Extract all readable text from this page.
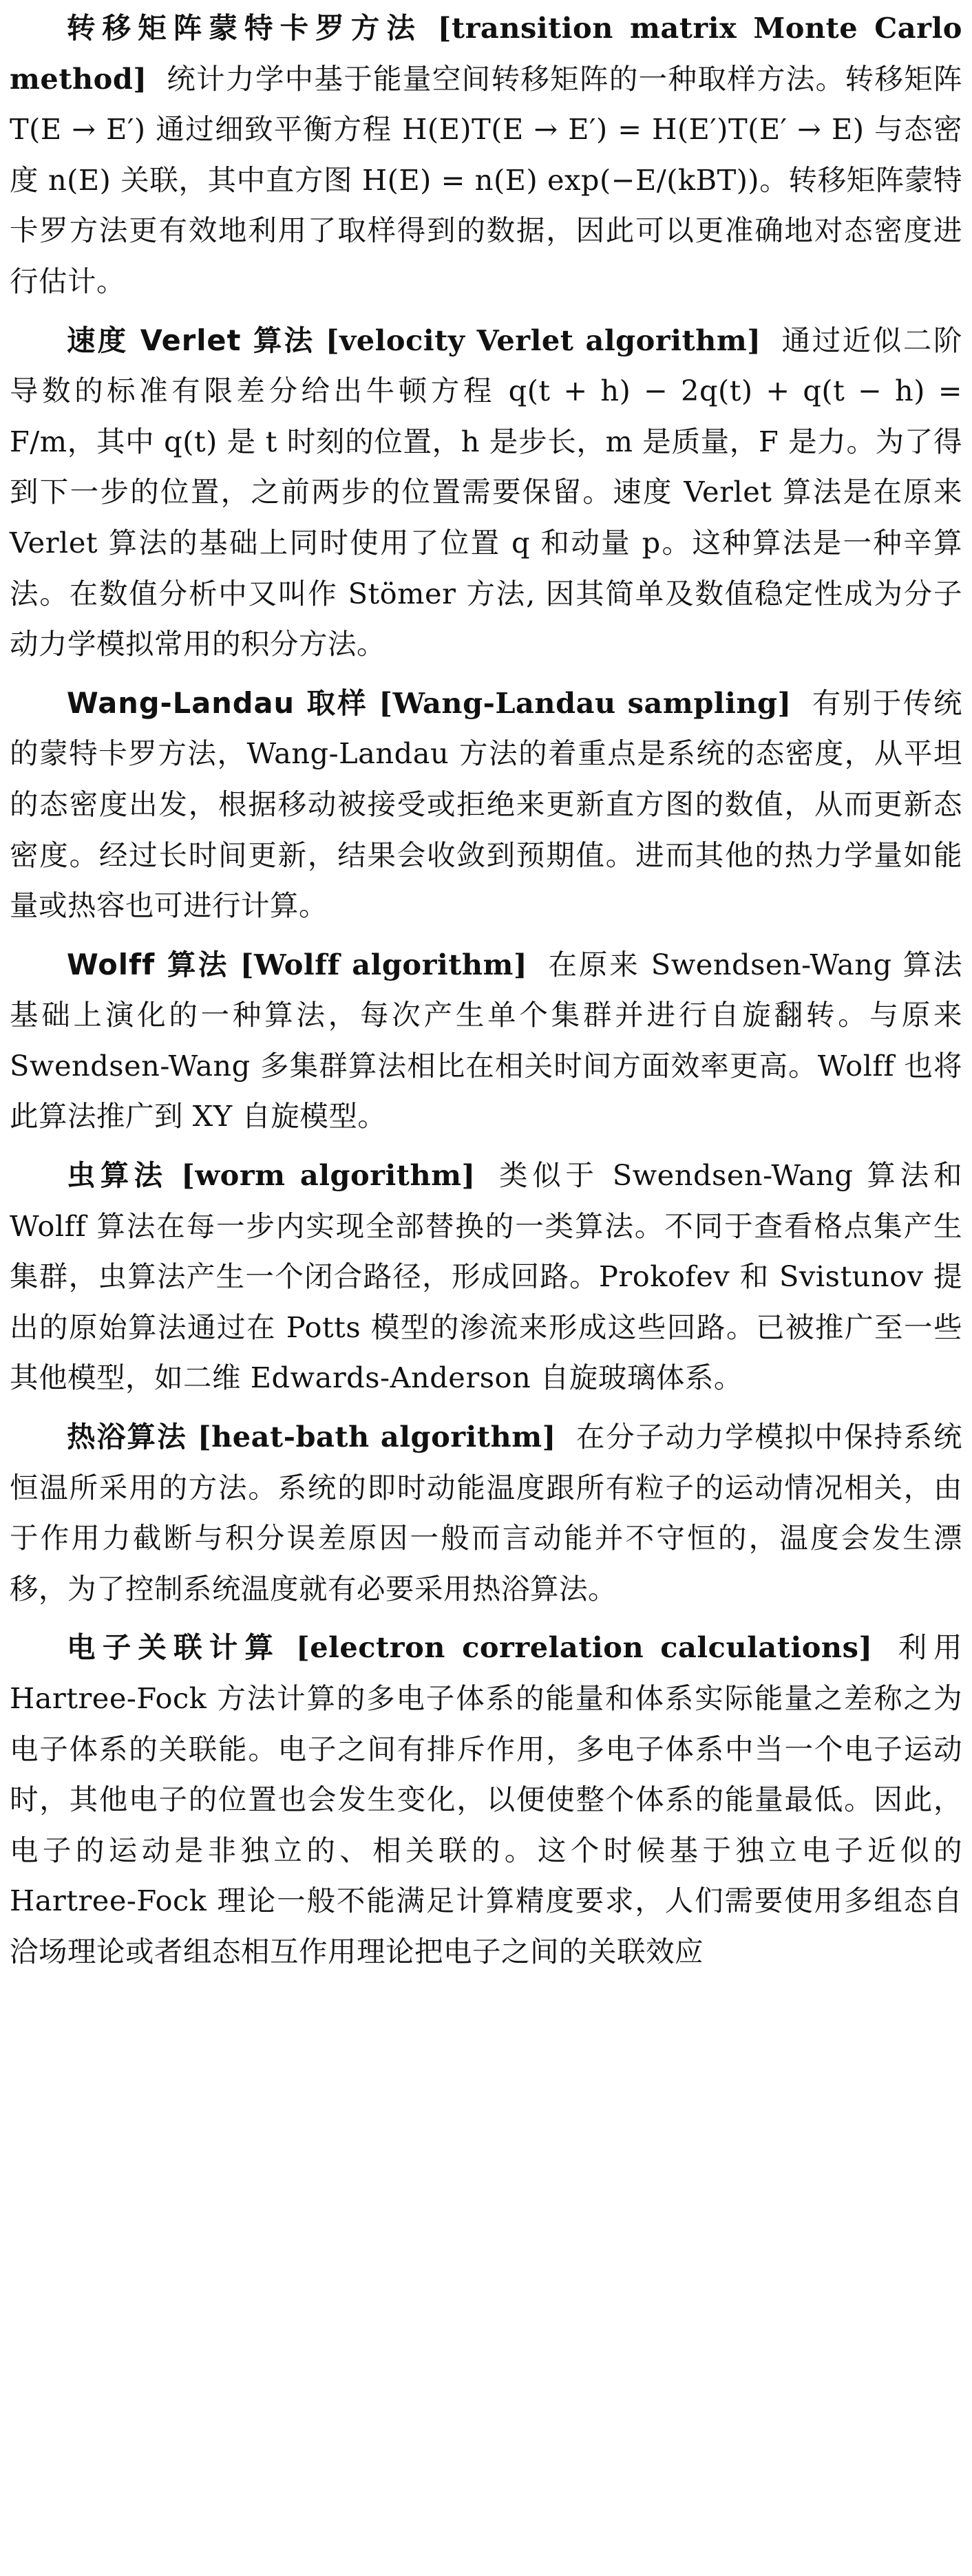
转移矩阵蒙特卡罗方法 [transition matrix Monte Carlo method] 统计力学中基于能量空间转移矩阵的一种取样方法。转移矩阵 T(E → E′) 通过细致平衡方程 H(E)T(E → E′) = H(E′)T(E′ → E) 与态密度 n(E) 关联，其中直方图 H(E) = n(E) exp(−E/(kBT))。转移矩阵蒙特卡罗方法更有效地利用了取样得到的数据，因此可以更准确地对态密度进行估计。

速度 Verlet 算法 [velocity Verlet algorithm] 通过近似二阶导数的标准有限差分给出牛顿方程 q(t + h) − 2q(t) + q(t − h) = F/m，其中 q(t) 是 t 时刻的位置，h 是步长，m 是质量，F 是力。为了得到下一步的位置，之前两步的位置需要保留。速度 Verlet 算法是在原来 Verlet 算法的基础上同时使用了位置 q 和动量 p。这种算法是一种辛算法。在数值分析中又叫作 Stömer 方法, 因其简单及数值稳定性成为分子动力学模拟常用的积分方法。

Wang-Landau 取样 [Wang-Landau sampling] 有别于传统的蒙特卡罗方法，Wang-Landau 方法的着重点是系统的态密度，从平坦的态密度出发，根据移动被接受或拒绝来更新直方图的数值，从而更新态密度。经过长时间更新，结果会收敛到预期值。进而其他的热力学量如能量或热容也可进行计算。

Wolff 算法 [Wolff algorithm] 在原来 Swendsen-Wang 算法基础上演化的一种算法，每次产生单个集群并进行自旋翻转。与原来 Swendsen-Wang 多集群算法相比在相关时间方面效率更高。Wolff 也将此算法推广到 XY 自旋模型。

虫算法 [worm algorithm] 类似于 Swendsen-Wang 算法和 Wolff 算法在每一步内实现全部替换的一类算法。不同于查看格点集产生集群，虫算法产生一个闭合路径，形成回路。Prokofev 和 Svistunov 提出的原始算法通过在 Potts 模型的渗流来形成这些回路。已被推广至一些其他模型，如二维 Edwards-Anderson 自旋玻璃体系。

热浴算法 [heat-bath algorithm] 在分子动力学模拟中保持系统恒温所采用的方法。系统的即时动能温度跟所有粒子的运动情况相关，由于作用力截断与积分误差原因一般而言动能并不守恒的，温度会发生漂移，为了控制系统温度就有必要采用热浴算法。

电子关联计算 [electron correlation calculations] 利用 Hartree-Fock 方法计算的多电子体系的能量和体系实际能量之差称之为电子体系的关联能。电子之间有排斥作用，多电子体系中当一个电子运动时，其他电子的位置也会发生变化，以便使整个体系的能量最低。因此，电子的运动是非独立的、相关联的。这个时候基于独立电子近似的 Hartree-Fock 理论一般不能满足计算精度要求，人们需要使用多组态自洽场理论或者组态相互作用理论把电子之间的关联效应
